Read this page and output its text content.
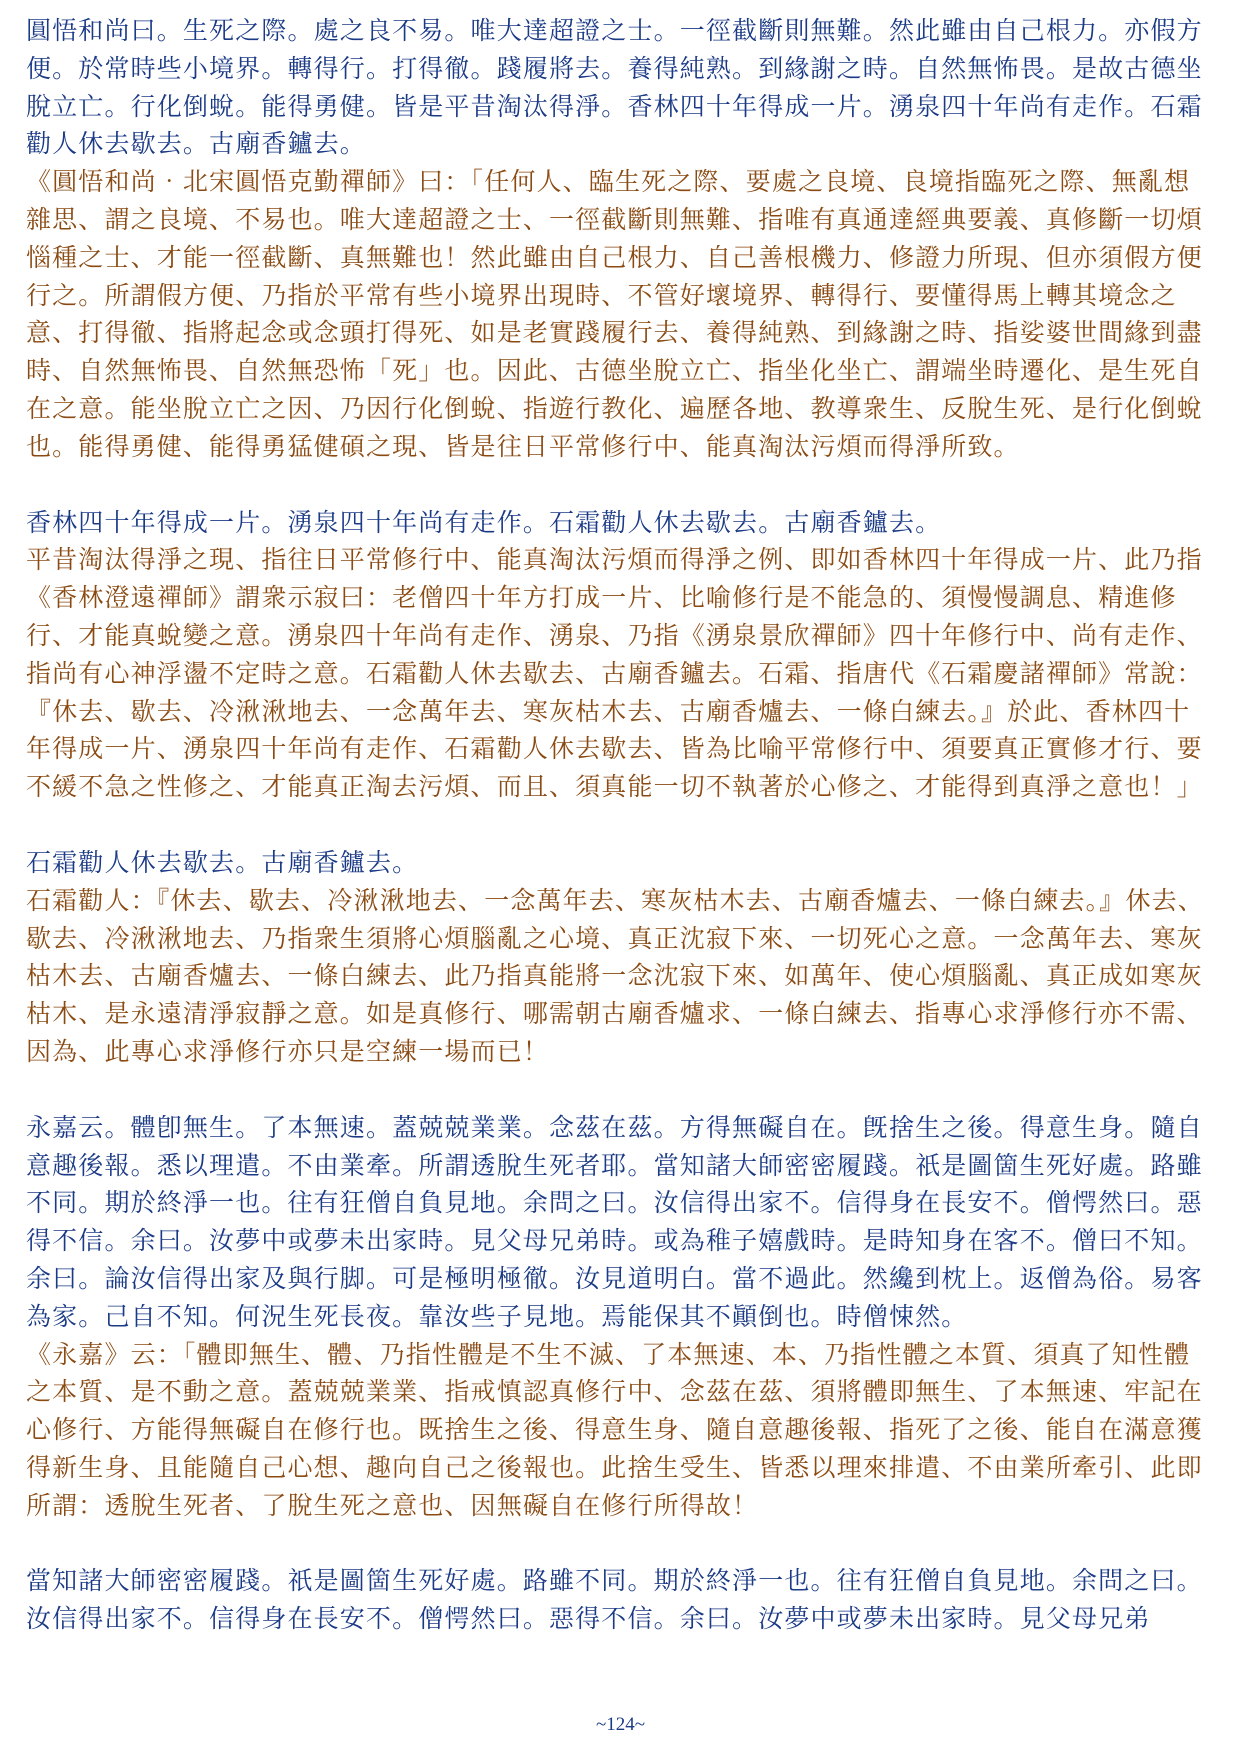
圓悟和尚曰。生死之際。處之良不易。唯大達超證之士。一徑截斷則無難。然此雖由自己根力。亦假方便。於常時些小境界。轉得行。打得徹。踐履將去。養得純熟。到緣謝之時。自然無怖畏。是故古德坐脫立亡。行化倒蛻。能得勇健。皆是平昔淘汰得淨。香林四十年得成一片。湧泉四十年尚有走作。石霜勸人休去歇去。古廟香鑪去。

《圓悟和尚‧北宋圓悟克勤禪師》曰：「任何人、臨生死之際、要處之良境、良境指臨死之際、無亂想雜思、謂之良境、不易也。唯大達超證之士、一徑截斷則無難、指唯有真通達經典要義、真修斷一切煩惱種之士、才能一徑截斷、真無難也！然此雖由自己根力、自己善根機力、修證力所現、但亦須假方便行之。所謂假方便、乃指於平常有些小境界出現時、不管好壞境界、轉得行、要懂得馬上轉其境念之意、打得徹、指將起念或念頭打得死、如是老實踐履行去、養得純熟、到緣謝之時、指娑婆世間緣到盡時、自然無怖畏、自然無恐怖「死」也。因此、古德坐脫立亡、指坐化坐亡、謂端坐時遷化、是生死自在之意。能坐脫立亡之因、乃因行化倒蛻、指遊行教化、遍歷各地、教導衆生、反脫生死、是行化倒蛻也。能得勇健、能得勇猛健碩之現、皆是往日平常修行中、能真淘汰污煩而得淨所致。

香林四十年得成一片。湧泉四十年尚有走作。石霜勸人休去歇去。古廟香鑪去。

平昔淘汰得淨之現、指往日平常修行中、能真淘汰污煩而得淨之例、即如香林四十年得成一片、此乃指《香林澄遠禪師》謂衆示寂曰：老僧四十年方打成一片、比喻修行是不能急的、須慢慢調息、精進修行、才能真蛻變之意。湧泉四十年尚有走作、湧泉、乃指《湧泉景欣禪師》四十年修行中、尚有走作、指尚有心神浮盪不定時之意。石霜勸人休去歇去、古廟香鑪去。石霜、指唐代《石霜慶諸禪師》常說：『休去、歇去、冷湫湫地去、一念萬年去、寒灰枯木去、古廟香爐去、一條白練去。』於此、香林四十年得成一片、湧泉四十年尚有走作、石霜勸人休去歇去、皆為比喻平常修行中、須要真正實修才行、要不緩不急之性修之、才能真正淘去污煩、而且、須真能一切不執著於心修之、才能得到真淨之意也！」

石霜勸人休去歇去。古廟香鑪去。

石霜勸人：『休去、歇去、冷湫湫地去、一念萬年去、寒灰枯木去、古廟香爐去、一條白練去。』休去、歇去、冷湫湫地去、乃指衆生須將心煩腦亂之心境、真正沈寂下來、一切死心之意。一念萬年去、寒灰枯木去、古廟香爐去、一條白練去、此乃指真能將一念沈寂下來、如萬年、使心煩腦亂、真正成如寒灰枯木、是永遠清淨寂靜之意。如是真修行、哪需朝古廟香爐求、一條白練去、指專心求淨修行亦不需、因為、此專心求淨修行亦只是空練一場而已！

永嘉云。體卽無生。了本無速。蓋兢兢業業。念茲在茲。方得無礙自在。旣捨生之後。得意生身。隨自意趣後報。悉以理遣。不由業牽。所謂透脫生死者耶。當知諸大師密密履踐。祇是圖箇生死好處。路雖不同。期於終淨一也。往有狂僧自負見地。余問之曰。汝信得出家不。信得身在長安不。僧愕然曰。惡得不信。余曰。汝夢中或夢未出家時。見父母兄弟時。或為稚子嬉戲時。是時知身在客不。僧曰不知。余曰。論汝信得出家及與行脚。可是極明極徹。汝見道明白。當不過此。然纔到枕上。返僧為俗。易客為家。己自不知。何況生死長夜。靠汝些子見地。焉能保其不顚倒也。時僧悚然。

《永嘉》云：「體即無生、體、乃指性體是不生不滅、了本無速、本、乃指性體之本質、須真了知性體之本質、是不動之意。蓋兢兢業業、指戒慎認真修行中、念茲在茲、須將體即無生、了本無速、牢記在心修行、方能得無礙自在修行也。既捨生之後、得意生身、隨自意趣後報、指死了之後、能自在滿意獲得新生身、且能隨自己心想、趣向自己之後報也。此捨生受生、皆悉以理來排遣、不由業所牽引、此即所謂：透脫生死者、了脫生死之意也、因無礙自在修行所得故！

當知諸大師密密履踐。祇是圖箇生死好處。路雖不同。期於終淨一也。往有狂僧自負見地。余問之曰。汝信得出家不。信得身在長安不。僧愕然曰。惡得不信。余曰。汝夢中或夢未出家時。見父母兄弟

~124~
